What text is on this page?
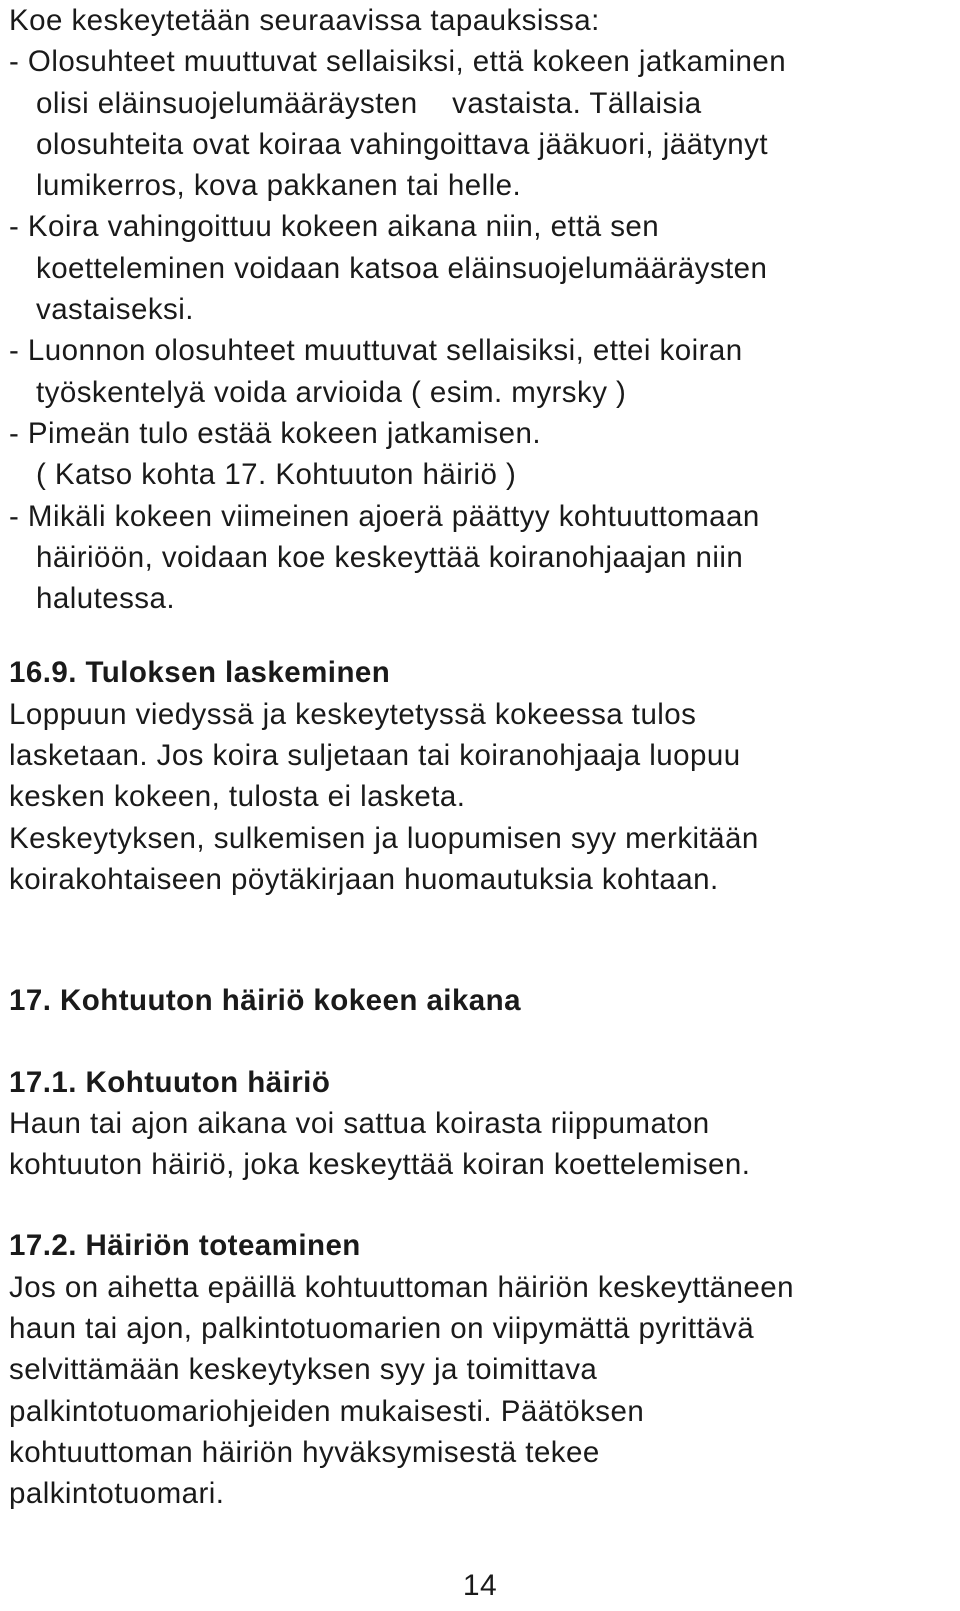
Koe keskeytetään seuraavissa tapauksissa:

- Olosuhteet muuttuvat sellaisiksi, että kokeen jatkaminen

olisi eläinsuojelumääräysten    vastaista. Tällaisia

olosuhteita ovat koiraa vahingoittava jääkuori, jäätynyt

lumikerros, kova pakkanen tai helle.

- Koira vahingoittuu kokeen aikana niin, että sen

koetteleminen voidaan katsoa eläinsuojelumääräysten

vastaiseksi.

- Luonnon olosuhteet muuttuvat sellaisiksi, ettei koiran

työskentelyä voida arvioida ( esim. myrsky )

- Pimeän tulo estää kokeen jatkamisen.

( Katso kohta 17. Kohtuuton häiriö )

- Mikäli kokeen viimeinen ajoerä päättyy kohtuuttomaan

häiriöön, voidaan koe keskeyttää koiranohjaajan niin

halutessa.

16.9. Tuloksen laskeminen

Loppuun viedyssä ja keskeytetyssä kokeessa tulos

lasketaan. Jos koira suljetaan tai koiranohjaaja luopuu

kesken kokeen, tulosta ei lasketa.

Keskeytyksen, sulkemisen ja luopumisen syy merkitään

koirakohtaiseen pöytäkirjaan huomautuksia kohtaan.

17. Kohtuuton häiriö kokeen aikana

17.1. Kohtuuton häiriö

Haun tai ajon aikana voi sattua koirasta riippumaton

kohtuuton häiriö, joka keskeyttää koiran koettelemisen.

17.2. Häiriön toteaminen

Jos on aihetta epäillä kohtuuttoman häiriön keskeyttäneen

haun tai ajon, palkintotuomarien on viipymättä pyrittävä

selvittämään keskeytyksen syy ja toimittava

palkintotuomariohjeiden mukaisesti. Päätöksen

kohtuuttoman häiriön hyväksymisestä tekee

palkintotuomari.

14
